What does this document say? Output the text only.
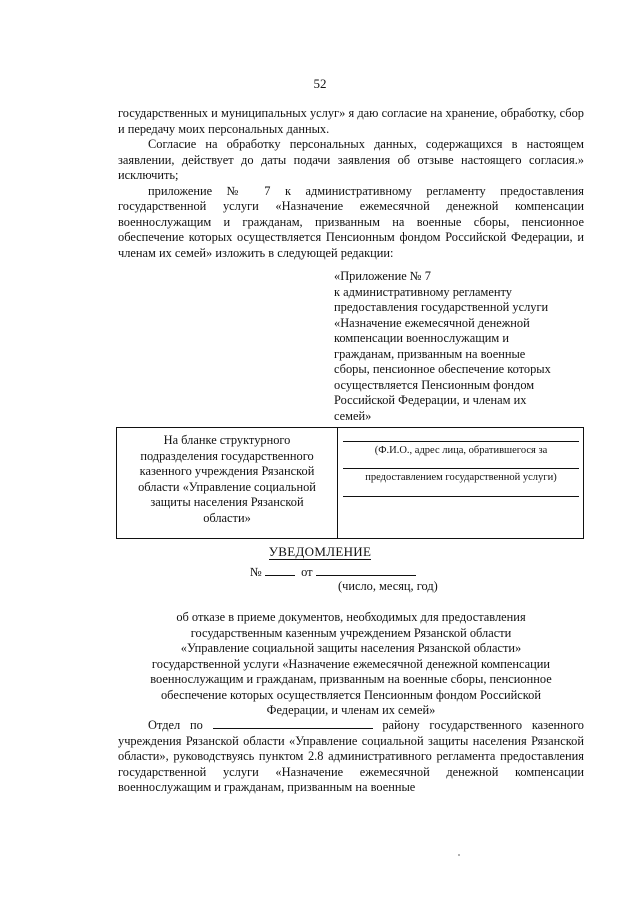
52

государственных и муниципальных услуг» я даю согласие на хранение, обработку, сбор и передачу моих персональных данных.

Согласие на обработку персональных данных, содержащихся в настоящем заявлении, действует до даты подачи заявления об отзыве настоящего согласия.» исключить;

приложение № 7 к административному регламенту предоставления государственной услуги «Назначение ежемесячной денежной компенсации военнослужащим и гражданам, призванным на военные сборы, пенсионное обеспечение которых осуществляется Пенсионным фондом Российской Федерации, и членам их семей» изложить в следующей редакции:

«Приложение № 7
к административному регламенту
предоставления государственной услуги
«Назначение ежемесячной денежной
компенсации военнослужащим и
гражданам, призванным на военные
сборы, пенсионное обеспечение которых
осуществляется Пенсионным фондом
Российской Федерации, и членам их
семей»
На бланке структурного
подразделения государственного
казенного учреждения Рязанской
области «Управление социальной
защиты населения Рязанской
области»
(Ф.И.О., адрес лица, обратившегося за
предоставлением государственной услуги)
УВЕДОМЛЕНИЕ
№	от
(число, месяц, год)
об отказе в приеме документов, необходимых для предоставления
государственным казенным учреждением Рязанской области
«Управление социальной защиты населения Рязанской области»
государственной услуги «Назначение ежемесячной денежной компенсации
военнослужащим и гражданам, призванным на военные сборы, пенсионное
обеспечение которых осуществляется Пенсионным фондом Российской
Федерации, и членам их семей»

Отдел по	району государственного казенного учреждения Рязанской области «Управление социальной защиты населения Рязанской области», руководствуясь пунктом 2.8 административного регламента предоставления государственной услуги «Назначение ежемесячной денежной компенсации военнослужащим и гражданам, призванным на военные
